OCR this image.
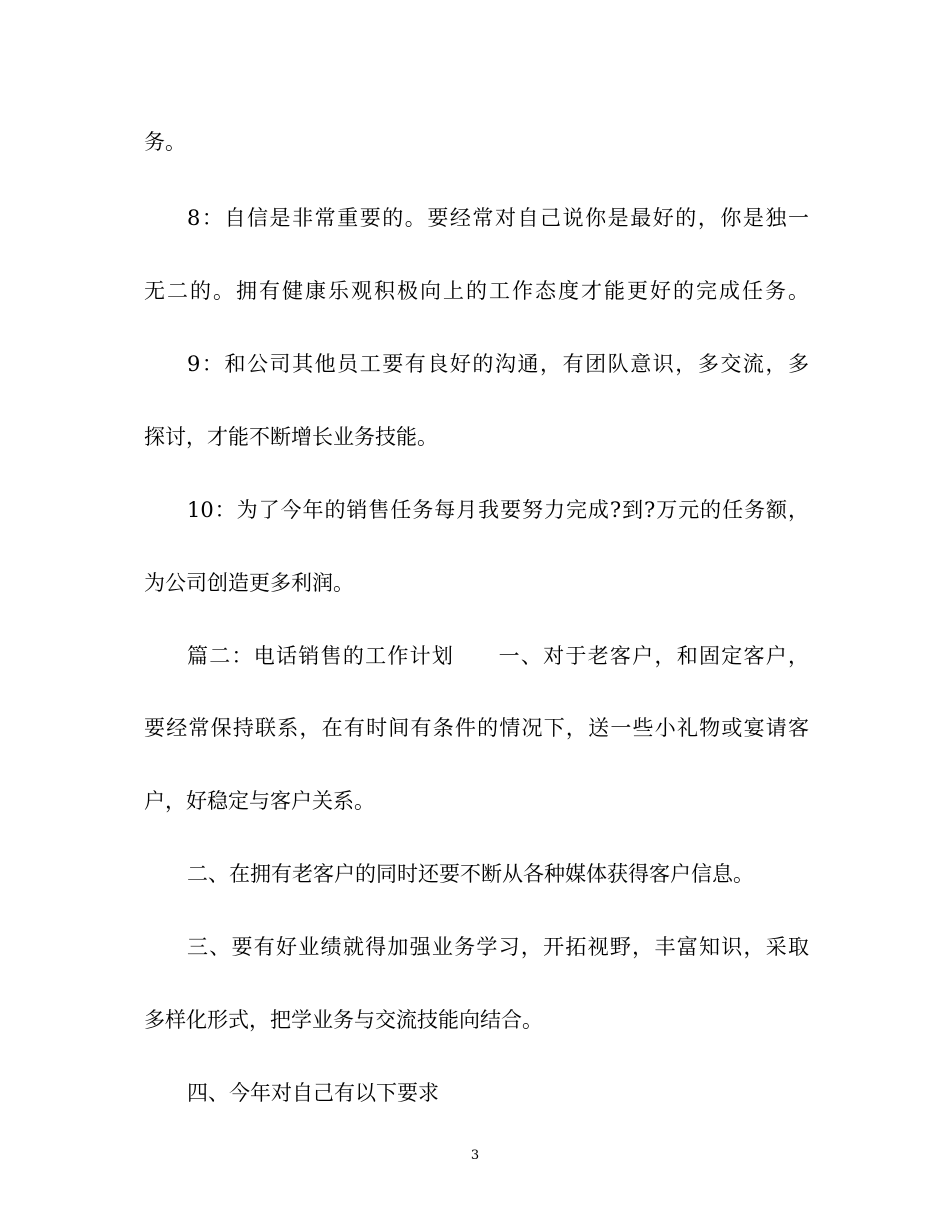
务。

8：自信是非常重要的。要经常对自己说你是最好的，你是独一

无二的。拥有健康乐观积极向上的工作态度才能更好的完成任务。

9：和公司其他员工要有良好的沟通，有团队意识，多交流，多

探讨，才能不断增长业务技能。

10：为了今年的销售任务每月我要努力完成?到?万元的任务额，

为公司创造更多利润。

篇二：电话销售的工作计划　　一、对于老客户，和固定客户，

要经常保持联系，在有时间有条件的情况下，送一些小礼物或宴请客

户，好稳定与客户关系。

二、在拥有老客户的同时还要不断从各种媒体获得客户信息。

三、要有好业绩就得加强业务学习，开拓视野，丰富知识，采取

多样化形式，把学业务与交流技能向结合。

四、今年对自己有以下要求

3
